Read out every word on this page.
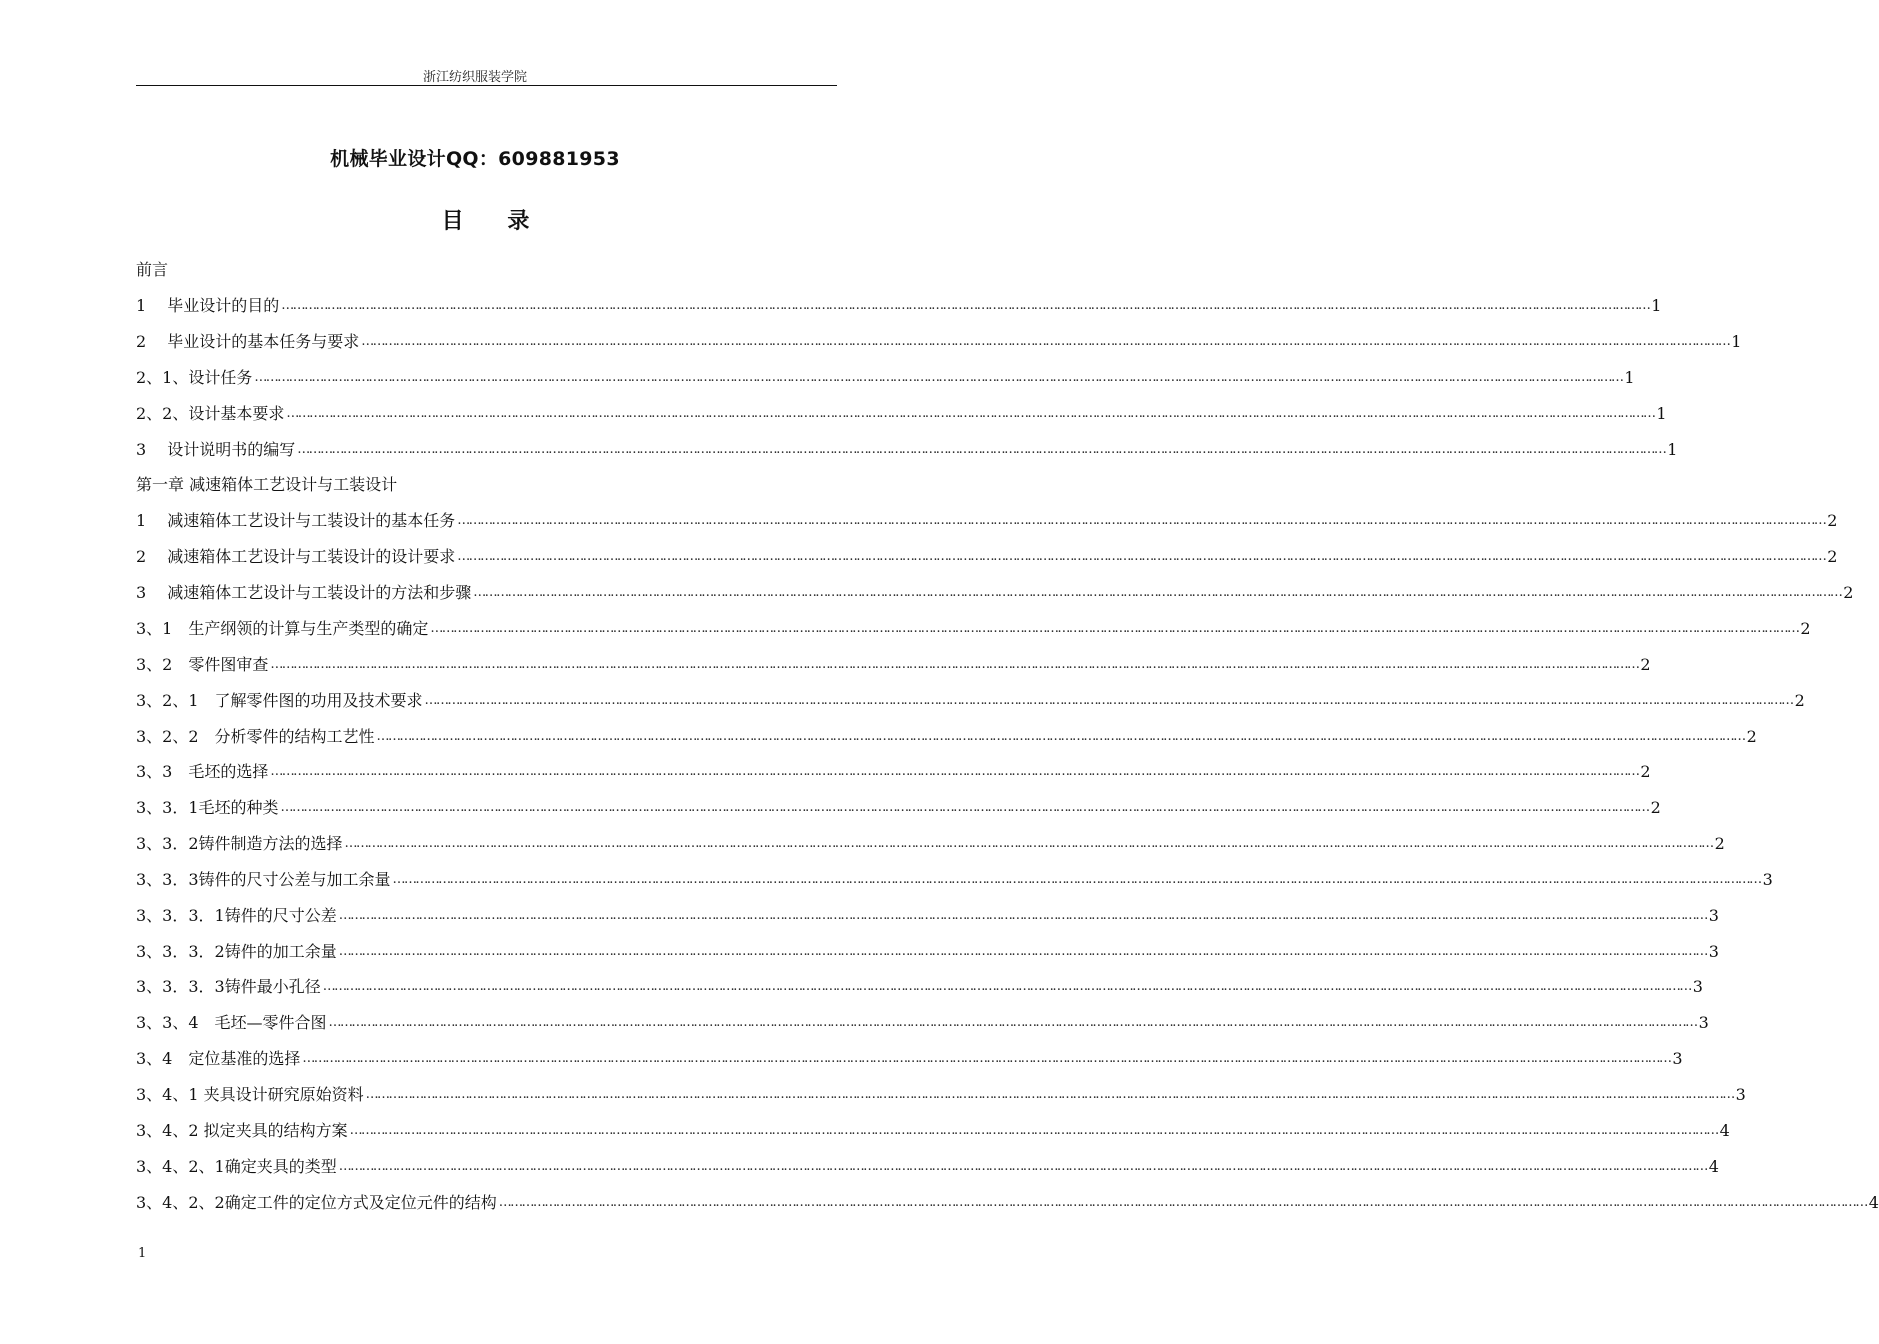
浙江纺织服装学院
机械毕业设计QQ：609881953
目 录
前言
1　 毕业设计的目的 ……………………………………………………………………………………………………………………………………………………………………………………………………………………………………………………………………………………………………………………………… 1
2　 毕业设计的基本任务与要求 ……………………………………………………………………………………………………………………………………………………………………………………………………………………………………………………………………………………………………………………………… 1
2、1、设计任务 ……………………………………………………………………………………………………………………………………………………………………………………………………………………………………………………………………………………………………………………………… 1
2、2、设计基本要求 ……………………………………………………………………………………………………………………………………………………………………………………………………………………………………………………………………………………………………………………………… 1
3　 设计说明书的编写 ……………………………………………………………………………………………………………………………………………………………………………………………………………………………………………………………………………………………………………………………… 1
第一章 减速箱体工艺设计与工装设计
1　 减速箱体工艺设计与工装设计的基本任务 ……………………………………………………………………………………………………………………………………………………………………………………………………………………………………………………………………………………………………………………………… 2
2　 减速箱体工艺设计与工装设计的设计要求 ……………………………………………………………………………………………………………………………………………………………………………………………………………………………………………………………………………………………………………………………… 2
3　 减速箱体工艺设计与工装设计的方法和步骤 ……………………………………………………………………………………………………………………………………………………………………………………………………………………………………………………………………………………………………………………………… 2
3、1　生产纲领的计算与生产类型的确定 ……………………………………………………………………………………………………………………………………………………………………………………………………………………………………………………………………………………………………………………………… 2
3、2　零件图审查 ……………………………………………………………………………………………………………………………………………………………………………………………………………………………………………………………………………………………………………………………… 2
3、2、1　了解零件图的功用及技术要求 ……………………………………………………………………………………………………………………………………………………………………………………………………………………………………………………………………………………………………………………………… 2
3、2、2　分析零件的结构工艺性 ……………………………………………………………………………………………………………………………………………………………………………………………………………………………………………………………………………………………………………………………… 2
3、3　毛坯的选择 ……………………………………………………………………………………………………………………………………………………………………………………………………………………………………………………………………………………………………………………………… 2
3、3．1毛坯的种类 ……………………………………………………………………………………………………………………………………………………………………………………………………………………………………………………………………………………………………………………………… 2
3、3．2铸件制造方法的选择 ……………………………………………………………………………………………………………………………………………………………………………………………………………………………………………………………………………………………………………………………… 2
3、3．3铸件的尺寸公差与加工余量 ……………………………………………………………………………………………………………………………………………………………………………………………………………………………………………………………………………………………………………………………… 3
3、3．3．1铸件的尺寸公差 ……………………………………………………………………………………………………………………………………………………………………………………………………………………………………………………………………………………………………………………………… 3
3、3．3．2铸件的加工余量 ……………………………………………………………………………………………………………………………………………………………………………………………………………………………………………………………………………………………………………………………… 3
3、3．3．3铸件最小孔径 ……………………………………………………………………………………………………………………………………………………………………………………………………………………………………………………………………………………………………………………………… 3
3、3、4　毛坯—零件合图 ……………………………………………………………………………………………………………………………………………………………………………………………………………………………………………………………………………………………………………………………… 3
3、4　定位基准的选择 ……………………………………………………………………………………………………………………………………………………………………………………………………………………………………………………………………………………………………………………………… 3
3、4、1 夹具设计研究原始资料 ……………………………………………………………………………………………………………………………………………………………………………………………………………………………………………………………………………………………………………………………… 3
3、4、2 拟定夹具的结构方案 ……………………………………………………………………………………………………………………………………………………………………………………………………………………………………………………………………………………………………………………………… 4
3、4、2、1确定夹具的类型 ……………………………………………………………………………………………………………………………………………………………………………………………………………………………………………………………………………………………………………………………… 4
3、4、2、2确定工件的定位方式及定位元件的结构 ……………………………………………………………………………………………………………………………………………………………………………………………………………………………………………………………………………………………………………………………… 4
1
